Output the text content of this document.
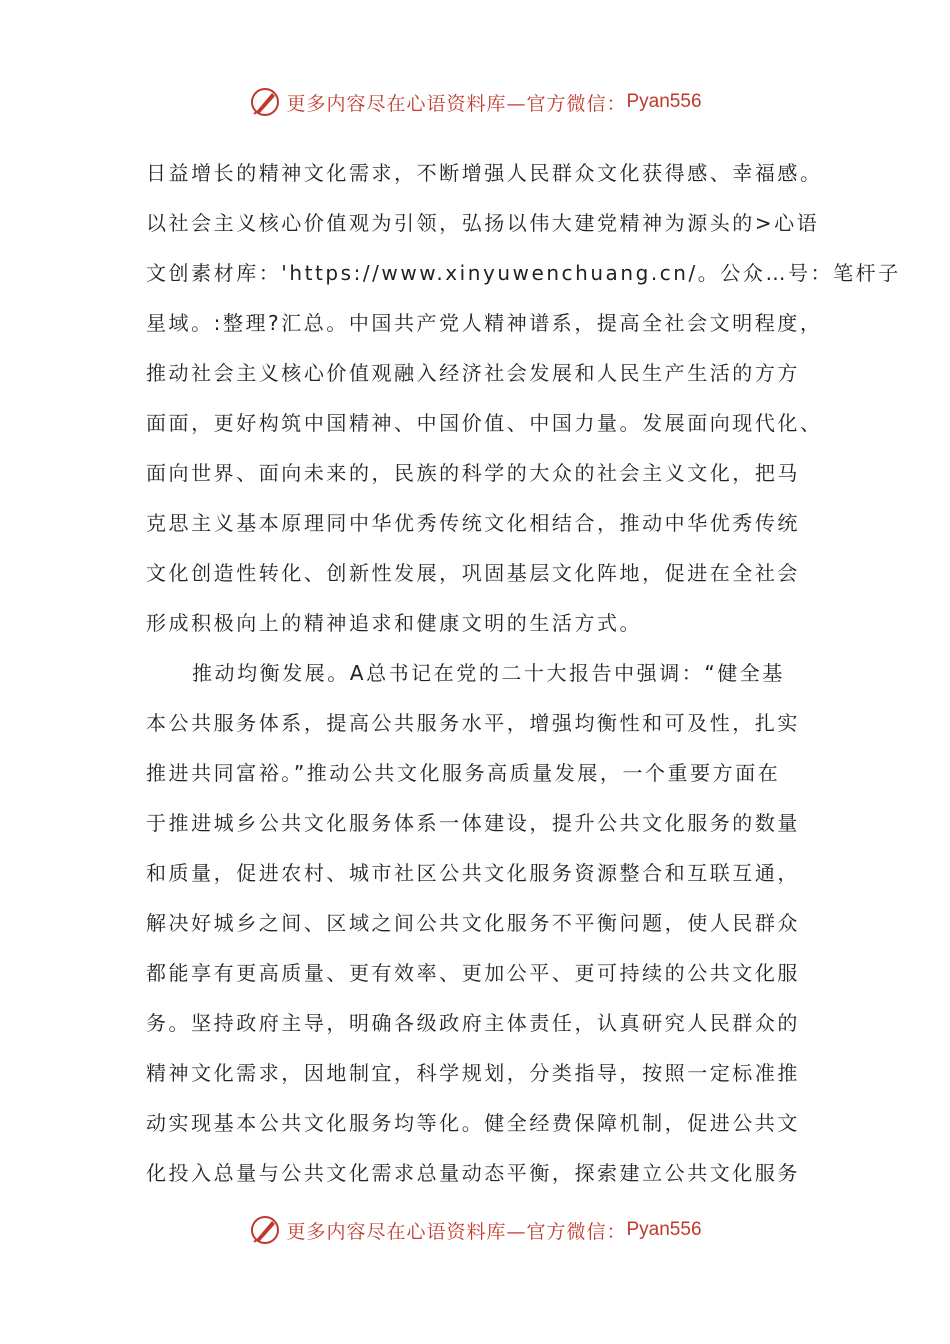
更多内容尽在心语资料库—官方微信： Pyan556
日益增长的精神文化需求，不断增强人民群众文化获得感、幸福感。
以社会主义核心价值观为引领，弘扬以伟大建党精神为源头的>心语
文创素材库：'https://www.xinyuwenchuang.cn/。公众…号：笔杆子
星域。:整理?汇总。中国共产党人精神谱系，提高全社会文明程度，
推动社会主义核心价值观融入经济社会发展和人民生产生活的方方
面面，更好构筑中国精神、中国价值、中国力量。发展面向现代化、
面向世界、面向未来的，民族的科学的大众的社会主义文化，把马
克思主义基本原理同中华优秀传统文化相结合，推动中华优秀传统
文化创造性转化、创新性发展，巩固基层文化阵地，促进在全社会
形成积极向上的精神追求和健康文明的生活方式。
推动均衡发展。A总书记在党的二十大报告中强调：“健全基
本公共服务体系，提高公共服务水平，增强均衡性和可及性，扎实
推进共同富裕。”推动公共文化服务高质量发展，一个重要方面在
于推进城乡公共文化服务体系一体建设，提升公共文化服务的数量
和质量，促进农村、城市社区公共文化服务资源整合和互联互通，
解决好城乡之间、区域之间公共文化服务不平衡问题，使人民群众
都能享有更高质量、更有效率、更加公平、更可持续的公共文化服
务。坚持政府主导，明确各级政府主体责任，认真研究人民群众的
精神文化需求，因地制宜，科学规划，分类指导，按照一定标准推
动实现基本公共文化服务均等化。健全经费保障机制，促进公共文
化投入总量与公共文化需求总量动态平衡，探索建立公共文化服务
更多内容尽在心语资料库—官方微信： Pyan556
